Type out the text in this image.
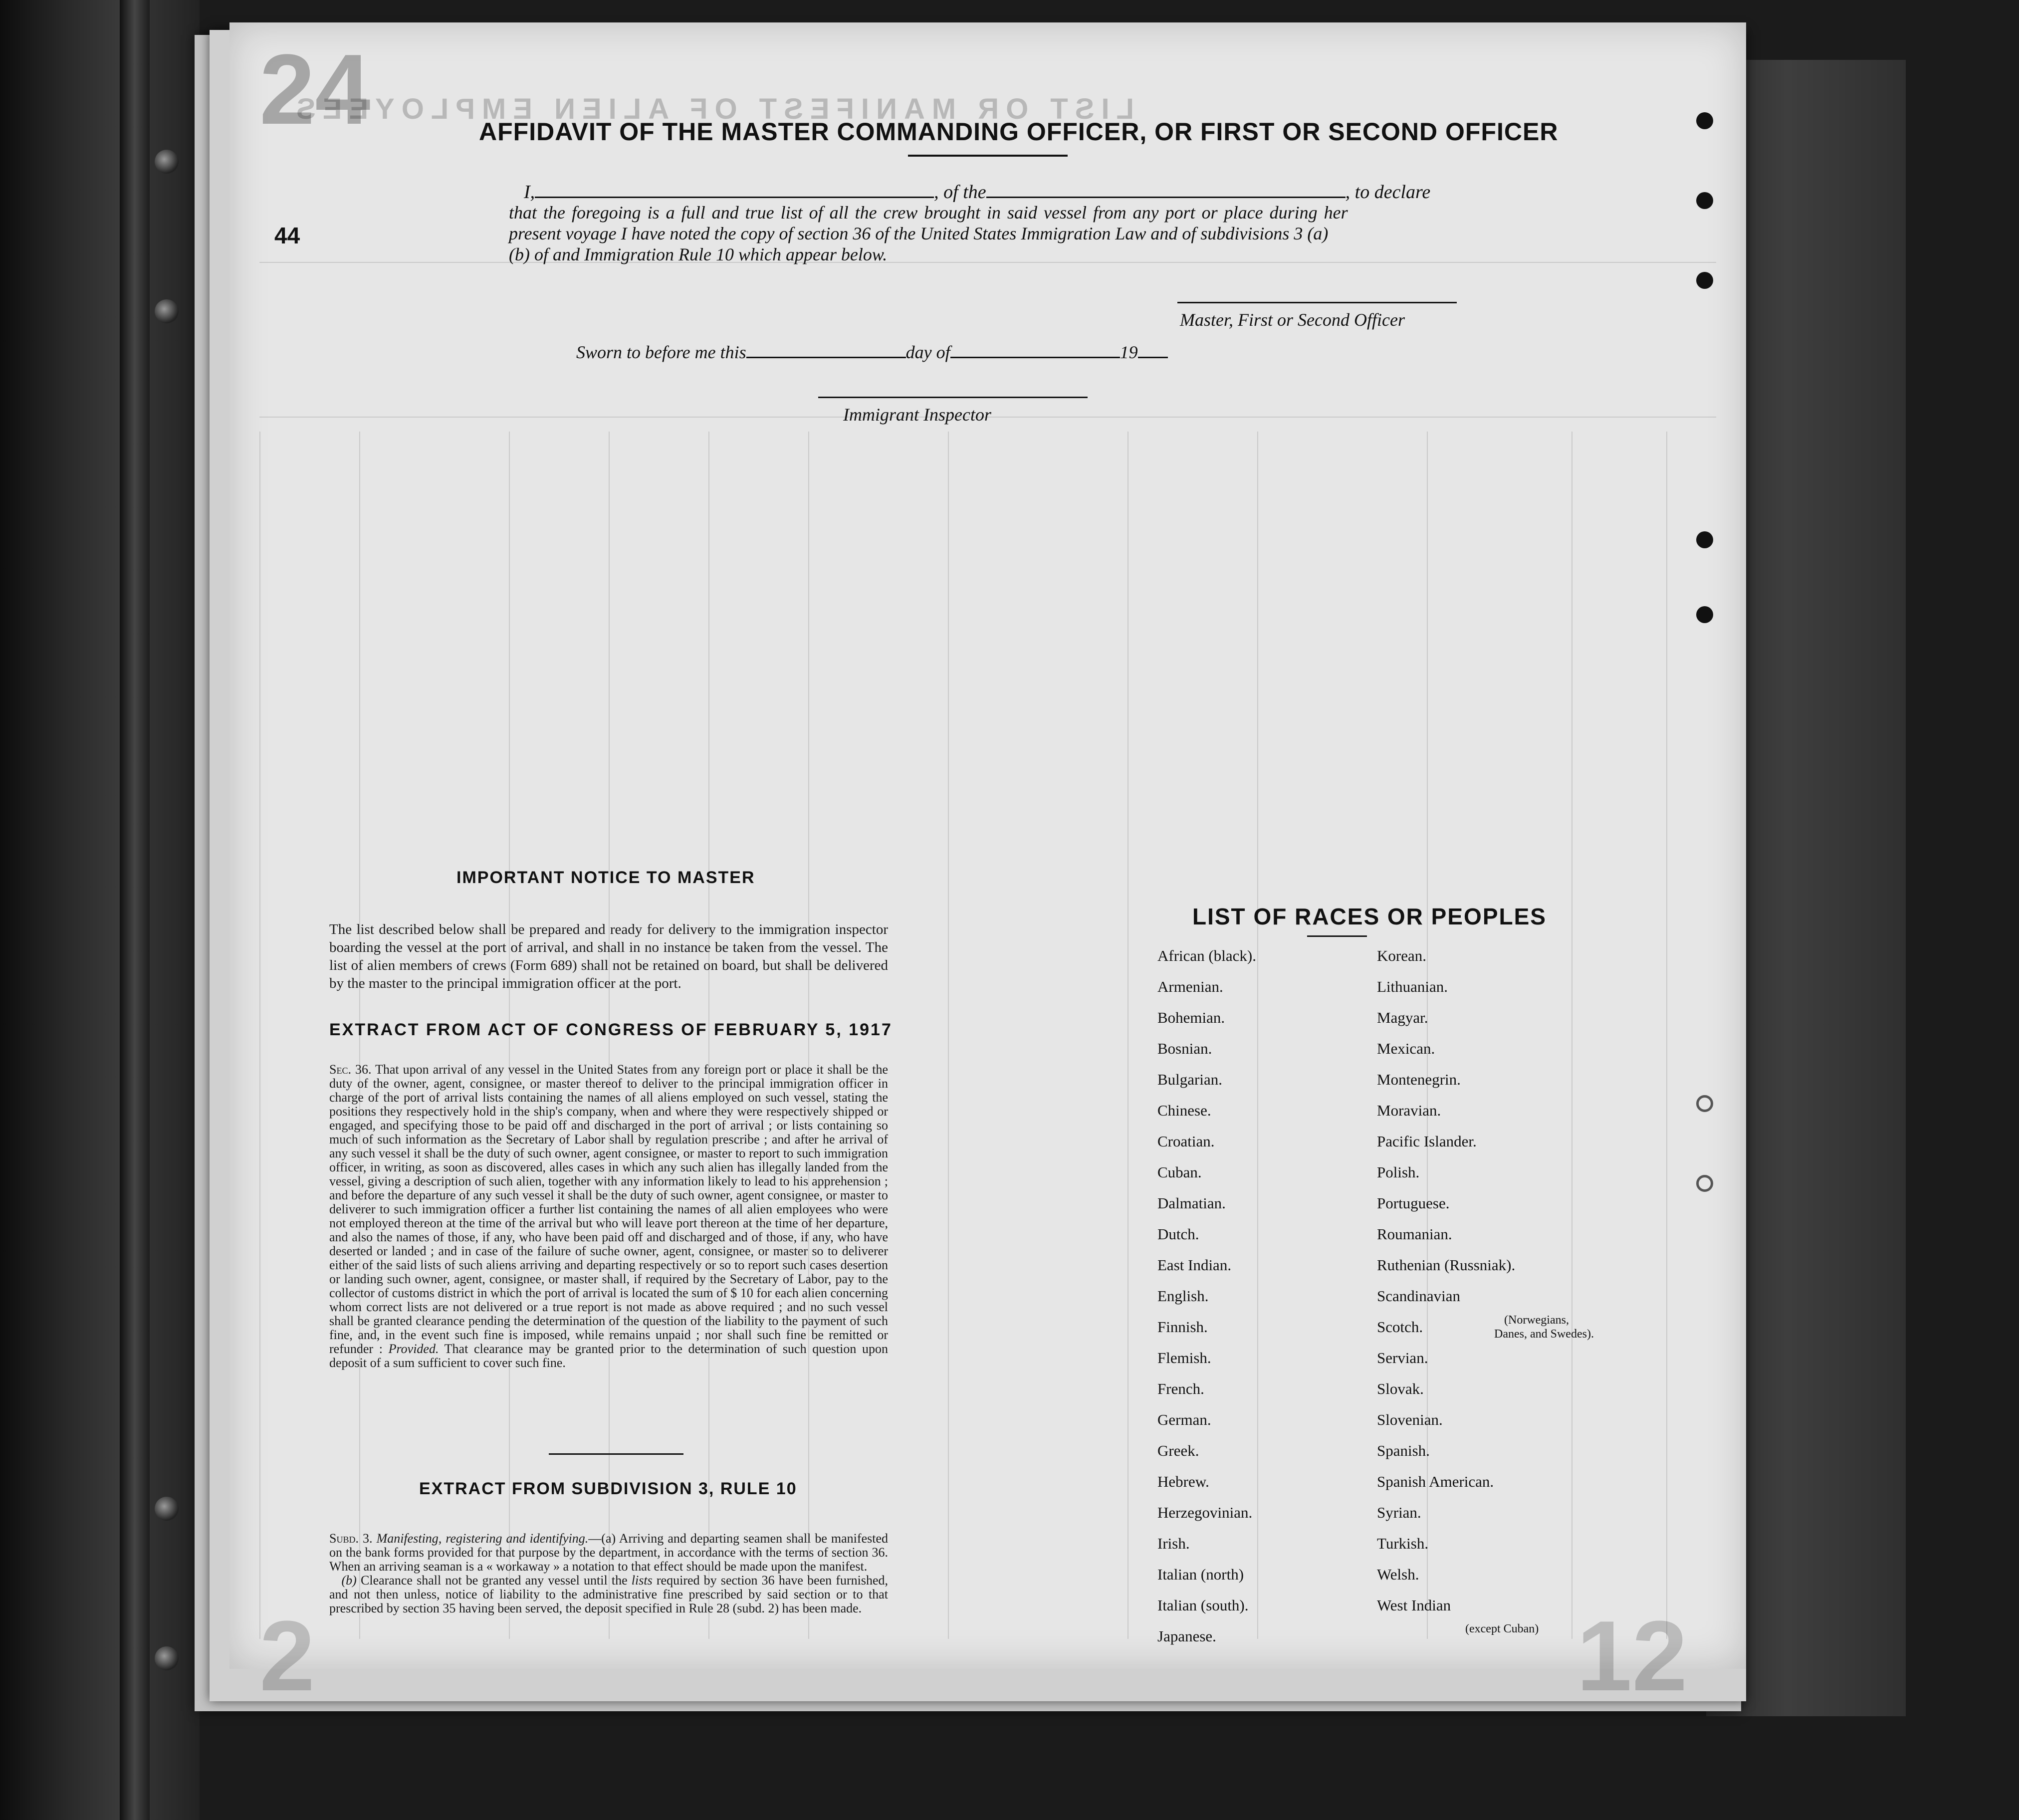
LIST OR MANIFEST OF ALIEN EMPLOYEES
24
2	12
44
AFFIDAVIT OF THE MASTER COMMANDING OFFICER, OR FIRST OR SECOND OFFICER
I,	, of the	, to declare
that the foregoing is a full and true list of all the crew brought in said vessel from any port or place during her
present voyage I have noted the copy of section 36 of the United States Immigration Law and of subdivisions 3 (a)
(b) of and Immigration Rule 10 which appear below.
Master, First or Second Officer
Sworn to before me this	day of	19
Immigrant Inspector
IMPORTANT NOTICE TO MASTER
The list described below shall be prepared and ready for delivery to the immigration inspector boarding the vessel at the port of arrival, and shall in no instance be taken from the vessel. The list of alien members of crews (Form 689) shall not be retained on board, but shall be delivered by the master to the principal immigration officer at the port.
EXTRACT FROM ACT OF CONGRESS OF FEBRUARY 5, 1917
Sec. 36. That upon arrival of any vessel in the United States from any foreign port or place it shall be the duty of the owner, agent, consignee, or master thereof to deliver to the principal immigration officer in charge of the port of arrival lists containing the names of all aliens employed on such vessel, stating the positions they respectively hold in the ship's company, when and where they were respectively shipped or engaged, and specifying those to be paid off and discharged in the port of arrival ; or lists containing so much of such information as the Secretary of Labor shall by regulation prescribe ; and after he arrival of any such vessel it shall be the duty of such owner, agent consignee, or master to report to such immigration officer, in writing, as soon as discovered, alles cases in which any such alien has illegally landed from the vessel, giving a description of such alien, together with any information likely to lead to his apprehension ; and before the departure of any such vessel it shall be the duty of such owner, agent consignee, or master to deliverer to such immigration officer a further list containing the names of all alien employees who were not employed thereon at the time of the arrival but who will leave port thereon at the time of her departure, and also the names of those, if any, who have been paid off and discharged and of those, if any, who have deserted or landed ; and in case of the failure of suche owner, agent, consignee, or master so to deliverer either of the said lists of such aliens arriving and departing respectively or so to report such cases desertion or landing such owner, agent, consignee, or master shall, if required by the Secretary of Labor, pay to the collector of customs district in which the port of arrival is located the sum of $ 10 for each alien concerning whom correct lists are not delivered or a true report is not made as above required ; and no such vessel shall be granted clearance pending the determination of the question of the liability to the payment of such fine, and, in the event such fine is imposed, while remains unpaid ; nor shall such fine be remitted or refunder : Provided. That clearance may be granted prior to the determination of such question upon deposit of a sum sufficient to cover such fine.
EXTRACT FROM SUBDIVISION 3, RULE 10
Subd. 3. Manifesting, registering and identifying.—(a) Arriving and departing seamen shall be manifested on the bank forms provided for that purpose by the department, in accordance with the terms of section 36. When an arriving seaman is a « workaway » a notation to that effect should be made upon the manifest.
(b) Clearance shall not be granted any vessel until the lists required by section 36 have been furnished, and not then unless, notice of liability to the administrative fine prescribed by said section or to that prescribed by section 35 having been served, the deposit specified in Rule 28 (subd. 2) has been made.
LIST OF RACES OR PEOPLES
African (black).
Armenian.
Bohemian.
Bosnian.
Bulgarian.
Chinese.
Croatian.
Cuban.
Dalmatian.
Dutch.
East Indian.
English.
Finnish.
Flemish.
French.
German.
Greek.
Hebrew.
Herzegovinian.
Irish.
Italian (north)
Italian (south).
Japanese.
Korean.
Lithuanian.
Magyar.
Mexican.
Montenegrin.
Moravian.
Pacific Islander.
Polish.
Portuguese.
Roumanian.
Ruthenian (Russniak).
Scandinavian
Scotch.
Servian.
Slovak.
Slovenian.
Spanish.
Spanish American.
Syrian.
Turkish.
Welsh.
West Indian
(Norwegians,
Danes, and Swedes).
(except Cuban)
